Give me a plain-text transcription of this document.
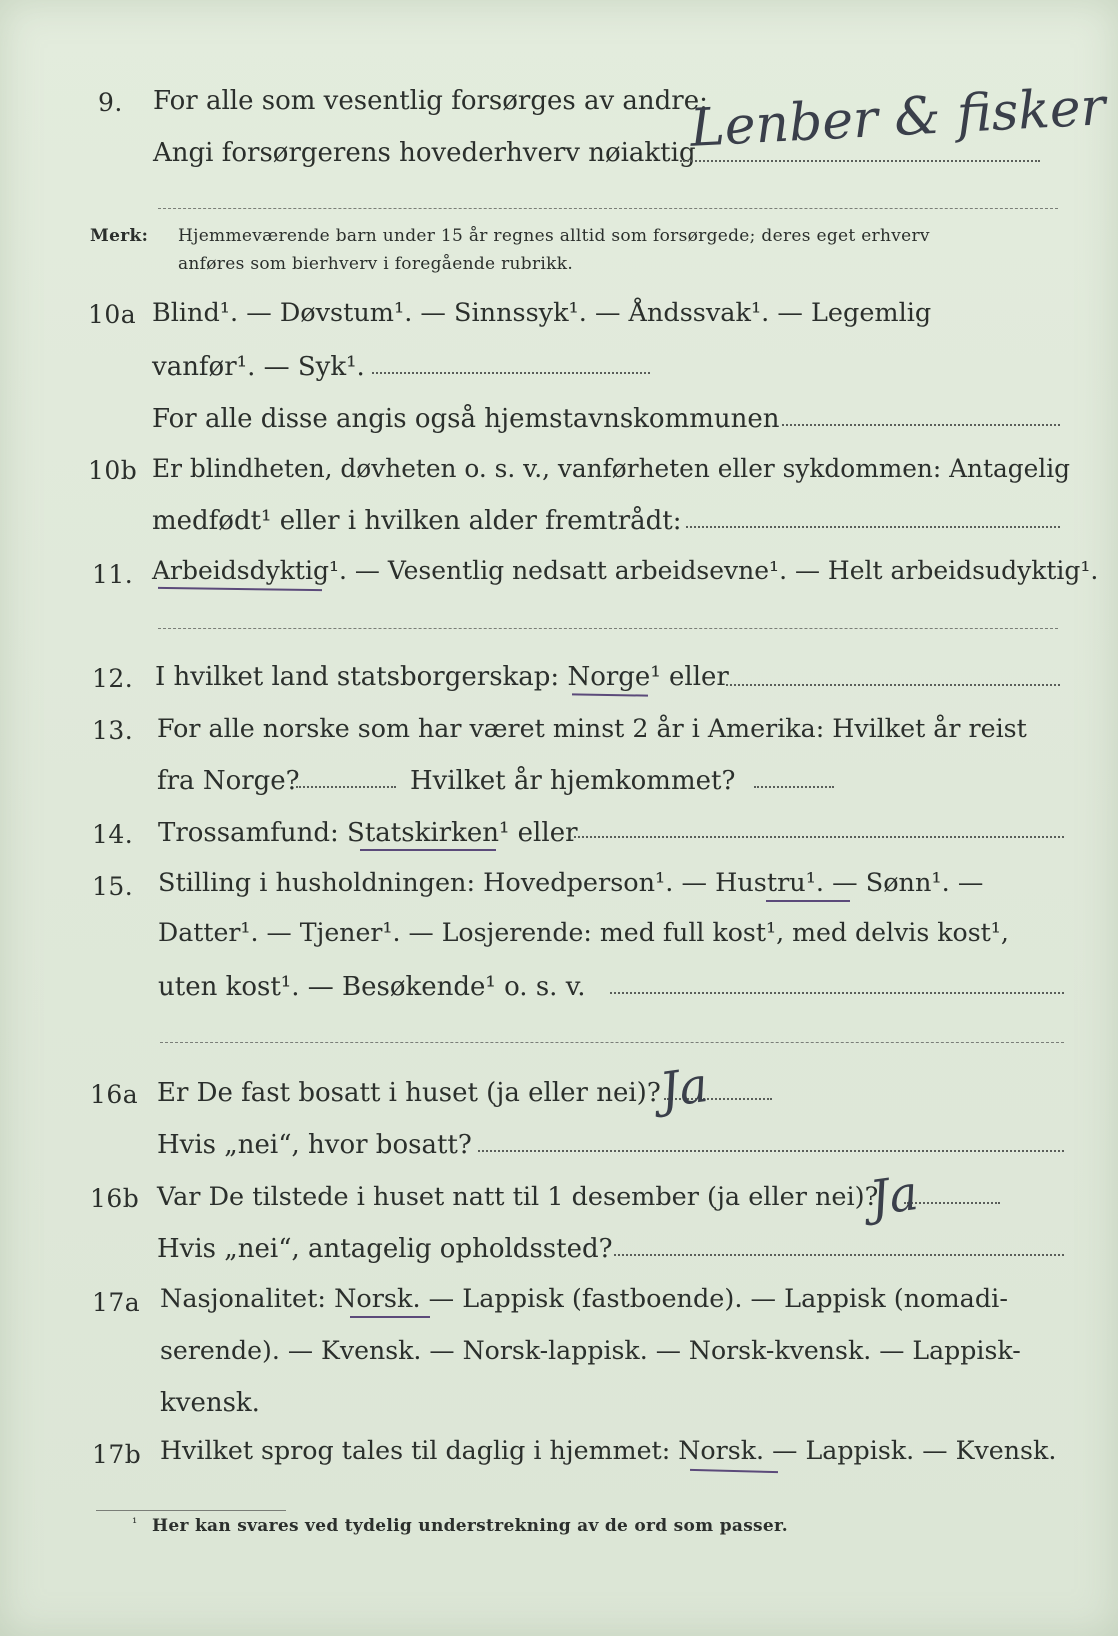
9. For alle som vesentlig forsørges av andre:
Angi forsørgerens hovederhverv nøiaktig
Lenber & fisker
Merk: Hjemmeværende barn under 15 år regnes alltid som forsørgede; deres eget erhverv
anføres som bierhverv i foregående rubrikk.
10a Blind¹. — Døvstum¹. — Sinnssyk¹. — Åndssvak¹. — Legemlig
vanfør¹. — Syk¹.
For alle disse angis også hjemstavnskommunen
10b Er blindheten, døvheten o. s. v., vanførheten eller sykdommen: Antagelig
medfødt¹ eller i hvilken alder fremtrådt:
11. Arbeidsdyktig¹. — Vesentlig nedsatt arbeidsevne¹. — Helt arbeidsudyktig¹.
12. I hvilket land statsborgerskap: Norge¹ eller
13. For alle norske som har været minst 2 år i Amerika: Hvilket år reist
fra Norge?	Hvilket år hjemkommet?
14. Trossamfund: Statskirken¹ eller
15. Stilling i husholdningen: Hovedperson¹. — Hustru¹. — Sønn¹. —
Datter¹. — Tjener¹. — Losjerende: med full kost¹, med delvis kost¹,
uten kost¹. — Besøkende¹ o. s. v.
16a Er De fast bosatt i huset (ja eller nei)?
Ja
Hvis „nei“, hvor bosatt?
16b Var De tilstede i huset natt til 1 desember (ja eller nei)?
Ja
Hvis „nei“, antagelig opholdssted?
17a Nasjonalitet: Norsk. — Lappisk (fastboende). — Lappisk (nomadi-
serende). — Kvensk. — Norsk-lappisk. — Norsk-kvensk. — Lappisk-
kvensk.
17b Hvilket sprog tales til daglig i hjemmet: Norsk. — Lappisk. — Kvensk.
¹ Her kan svares ved tydelig understrekning av de ord som passer.
